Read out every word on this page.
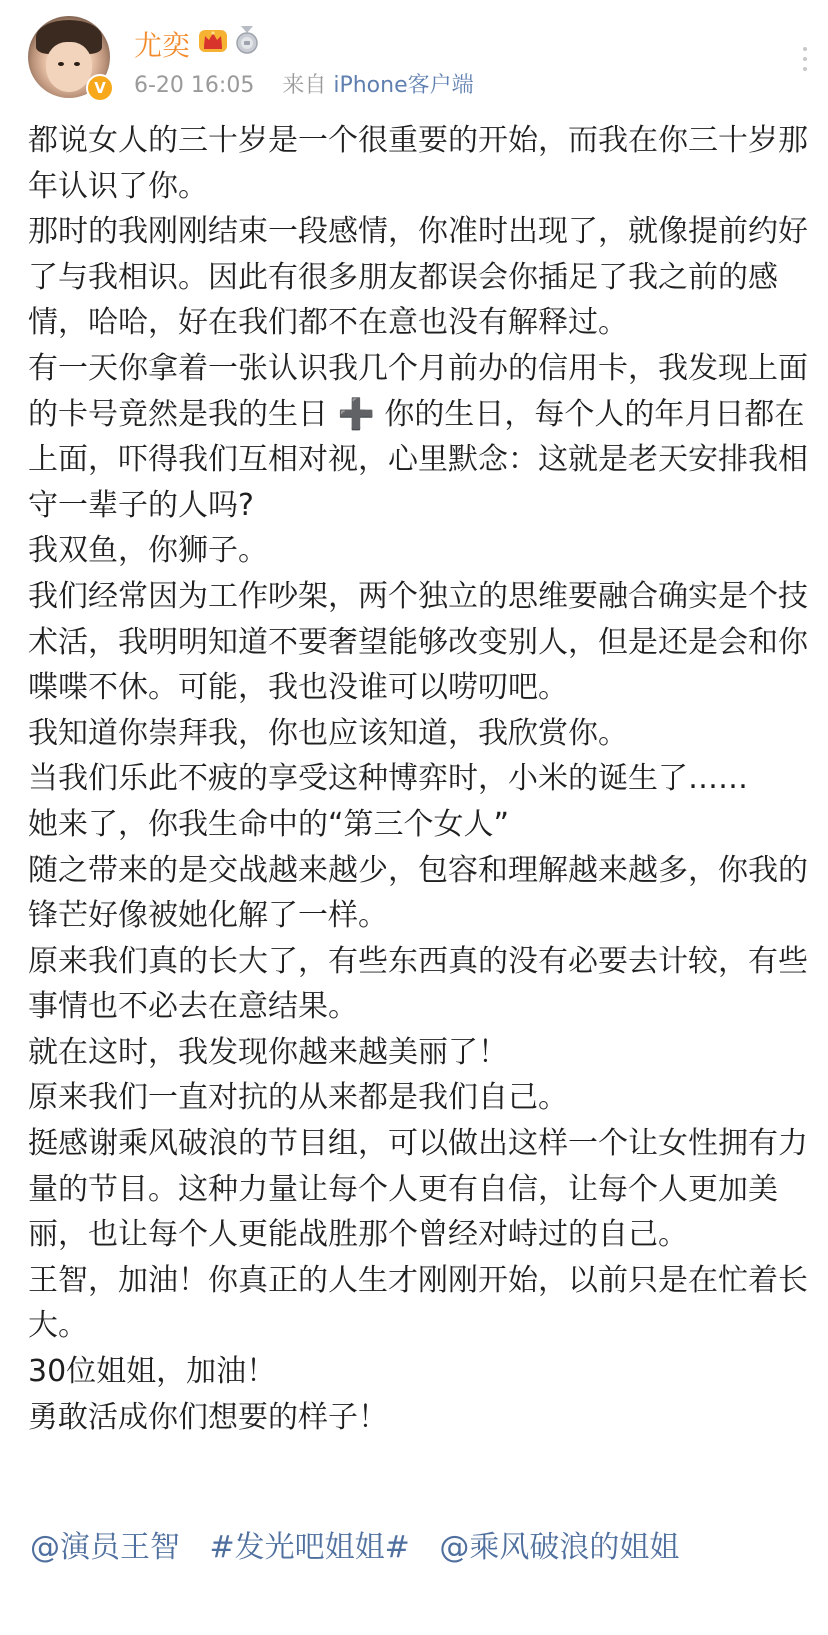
V
尤奕
6-20 16:05 来自 iPhone客户端

都说女人的三十岁是一个很重要的开始，而我在你三十岁那年认识了你。

那时的我刚刚结束一段感情，你准时出现了，就像提前约好了与我相识。因此有很多朋友都误会你插足了我之前的感情，哈哈，好在我们都不在意也没有解释过。

有一天你拿着一张认识我几个月前办的信用卡，我发现上面的卡号竟然是我的生日 ➕ 你的生日，每个人的年月日都在上面，吓得我们互相对视，心里默念：这就是老天安排我相守一辈子的人吗?

我双鱼，你狮子。

我们经常因为工作吵架，两个独立的思维要融合确实是个技术活，我明明知道不要奢望能够改变别人，但是还是会和你喋喋不休。可能，我也没谁可以唠叨吧。

我知道你崇拜我，你也应该知道，我欣赏你。

当我们乐此不疲的享受这种博弈时，小米的诞生了……

她来了，你我生命中的“第三个女人”

随之带来的是交战越来越少，包容和理解越来越多，你我的锋芒好像被她化解了一样。

原来我们真的长大了，有些东西真的没有必要去计较，有些事情也不必去在意结果。

就在这时，我发现你越来越美丽了！

原来我们一直对抗的从来都是我们自己。

挺感谢乘风破浪的节目组，可以做出这样一个让女性拥有力量的节目。这种力量让每个人更有自信，让每个人更加美丽，也让每个人更能战胜那个曾经对峙过的自己。

王智，加油！你真正的人生才刚刚开始，以前只是在忙着长大。

30位姐姐，加油！

勇敢活成你们想要的样子！

@演员王智 #发光吧姐姐# @乘风破浪的姐姐
